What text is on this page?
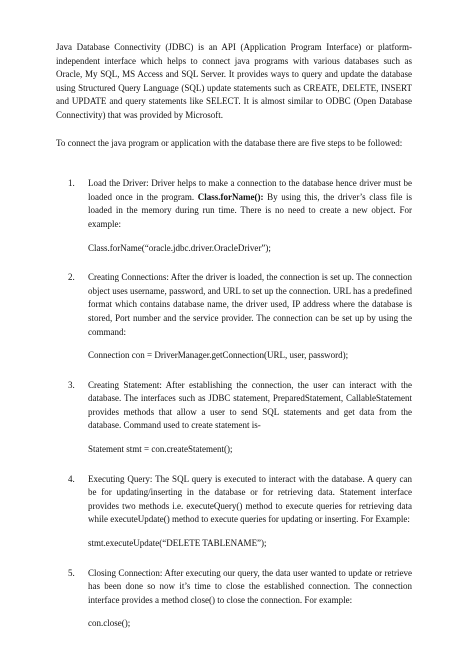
Java Database Connectivity (JDBC) is an API (Application Program Interface) or platform-independent interface which helps to connect java programs with various databases such as Oracle, My SQL, MS Access and SQL Server. It provides ways to query and update the database using Structured Query Language (SQL) update statements such as CREATE, DELETE, INSERT and UPDATE and query statements like SELECT. It is almost similar to ODBC (Open Database Connectivity) that was provided by Microsoft.

To connect the java program or application with the database there are five steps to be followed:

1.	Load the Driver: Driver helps to make a connection to the database hence driver must be loaded once in the program. Class.forName(): By using this, the driver’s class file is loaded in the memory during run time. There is no need to create a new object. For example:

Class.forName(“oracle.jdbc.driver.OracleDriver”);
2.	Creating Connections: After the driver is loaded, the connection is set up. The connection object uses username, password, and URL to set up the connection. URL has a predefined format which contains database name, the driver used, IP address where the database is stored, Port number and the service provider. The connection can be set up by using the command:

Connection con = DriverManager.getConnection(URL, user, password);
3.	Creating Statement: After establishing the connection, the user can interact with the database. The interfaces such as JDBC statement, PreparedStatement, CallableStatement provides methods that allow a user to send SQL statements and get data from the database. Command used to create statement is-

Statement stmt = con.createStatement();
4.	Executing Query: The SQL query is executed to interact with the database. A query can be for updating/inserting in the database or for retrieving data. Statement interface provides two methods i.e. executeQuery() method to execute queries for retrieving data while executeUpdate() method to execute queries for updating or inserting. For Example:

stmt.executeUpdate(“DELETE TABLENAME”);
5.	Closing Connection: After executing our query, the data user wanted to update or retrieve has been done so now it’s time to close the established connection. The connection interface provides a method close() to close the connection. For example:

con.close();
